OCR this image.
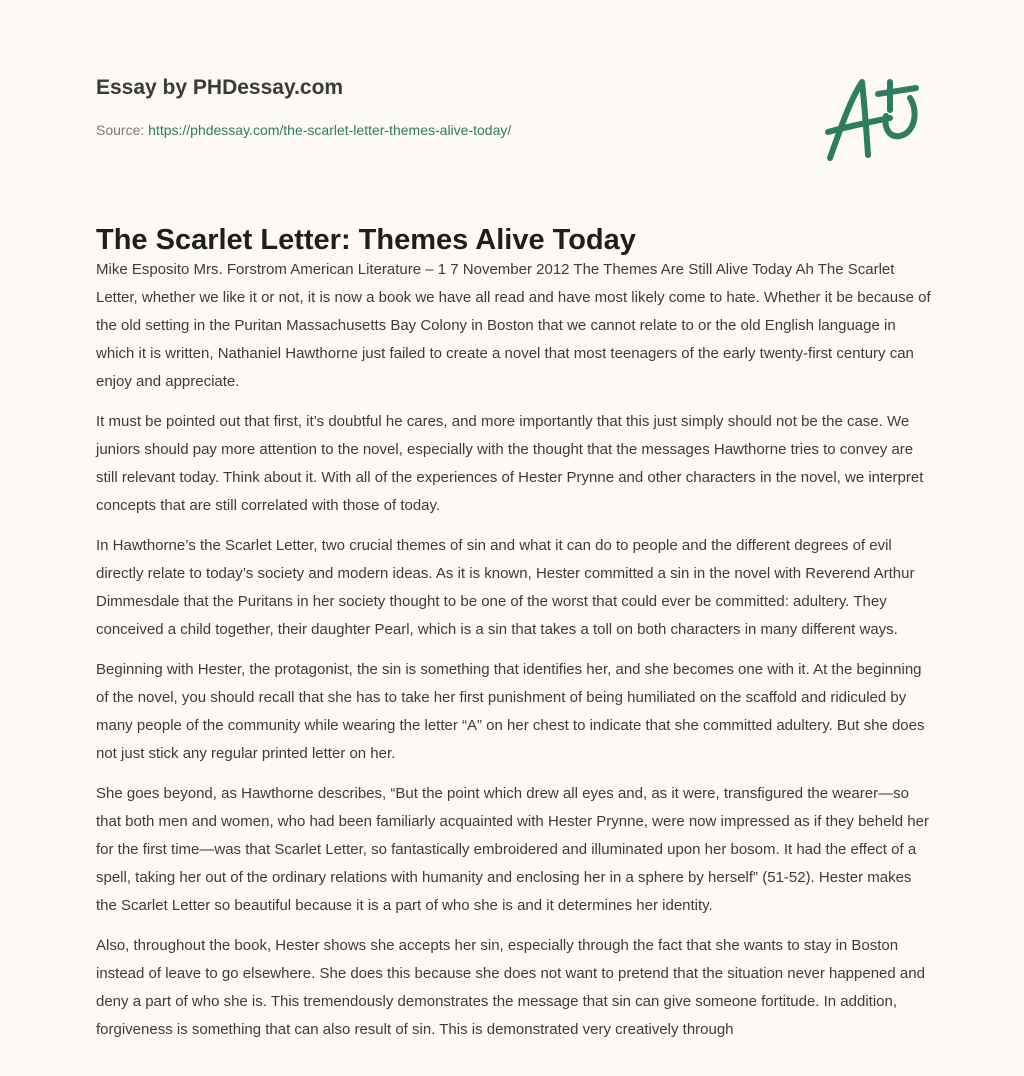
Essay by PHDessay.com
Source: https://phdessay.com/the-scarlet-letter-themes-alive-today/
The Scarlet Letter: Themes Alive Today

Mike Esposito Mrs. Forstrom American Literature – 1 7 November 2012 The Themes Are Still Alive Today Ah The Scarlet Letter, whether we like it or not, it is now a book we have all read and have most likely come to hate. Whether it be because of the old setting in the Puritan Massachusetts Bay Colony in Boston that we cannot relate to or the old English language in which it is written, Nathaniel Hawthorne just failed to create a novel that most teenagers of the early twenty-first century can enjoy and appreciate.

It must be pointed out that first, it’s doubtful he cares, and more importantly that this just simply should not be the case. We juniors should pay more attention to the novel, especially with the thought that the messages Hawthorne tries to convey are still relevant today. Think about it. With all of the experiences of Hester Prynne and other characters in the novel, we interpret concepts that are still correlated with those of today.

In Hawthorne’s the Scarlet Letter, two crucial themes of sin and what it can do to people and the different degrees of evil directly relate to today’s society and modern ideas. As it is known, Hester committed a sin in the novel with Reverend Arthur Dimmesdale that the Puritans in her society thought to be one of the worst that could ever be committed: adultery. They conceived a child together, their daughter Pearl, which is a sin that takes a toll on both characters in many different ways.

Beginning with Hester, the protagonist, the sin is something that identifies her, and she becomes one with it. At the beginning of the novel, you should recall that she has to take her first punishment of being humiliated on the scaffold and ridiculed by many people of the community while wearing the letter “A” on her chest to indicate that she committed adultery. But she does not just stick any regular printed letter on her.

She goes beyond, as Hawthorne describes, “But the point which drew all eyes and, as it were, transfigured the wearer—so that both men and women, who had been familiarly acquainted with Hester Prynne, were now impressed as if they beheld her for the first time—was that Scarlet Letter, so fantastically embroidered and illuminated upon her bosom. It had the effect of a spell, taking her out of the ordinary relations with humanity and enclosing her in a sphere by herself” (51-52). Hester makes the Scarlet Letter so beautiful because it is a part of who she is and it determines her identity.

Also, throughout the book, Hester shows she accepts her sin, especially through the fact that she wants to stay in Boston instead of leave to go elsewhere. She does this because she does not want to pretend that the situation never happened and deny a part of who she is. This tremendously demonstrates the message that sin can give someone fortitude. In addition, forgiveness is something that can also result of sin. This is demonstrated very creatively through
